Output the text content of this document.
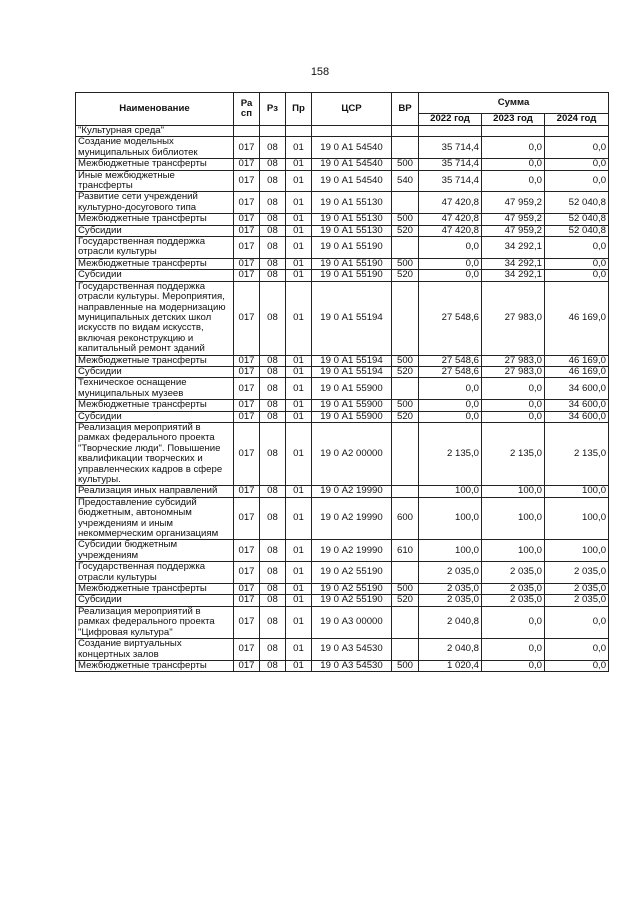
158
Наименование	Ра сп	Рз	Пр	ЦСР	ВР	Сумма		
						2022 год	2023 год	2024 год
"Культурная среда"								
Создание модельных муниципальных библиотек	017	08	01	19 0 А1 54540		35 714,4	0,0	0,0
Межбюджетные трансферты	017	08	01	19 0 А1 54540	500	35 714,4	0,0	0,0
Иные межбюджетные трансферты	017	08	01	19 0 А1 54540	540	35 714,4	0,0	0,0
Развитие сети учреждений культурно-досугового типа	017	08	01	19 0 А1 55130		47 420,8	47 959,2	52 040,8
Межбюджетные трансферты	017	08	01	19 0 А1 55130	500	47 420,8	47 959,2	52 040,8
Субсидии	017	08	01	19 0 А1 55130	520	47 420,8	47 959,2	52 040,8
Государственная поддержка отрасли культуры	017	08	01	19 0 А1 55190		0,0	34 292,1	0,0
Межбюджетные трансферты	017	08	01	19 0 А1 55190	500	0,0	34 292,1	0,0
Субсидии	017	08	01	19 0 А1 55190	520	0,0	34 292,1	0,0
Государственная поддержка отрасли культуры. Мероприятия, направленные на модернизацию муниципальных детских школ искусств по видам искусств, включая реконструкцию и капитальный ремонт зданий	017	08	01	19 0 А1 55194		27 548,6	27 983,0	46 169,0
Межбюджетные трансферты	017	08	01	19 0 А1 55194	500	27 548,6	27 983,0	46 169,0
Субсидии	017	08	01	19 0 А1 55194	520	27 548,6	27 983,0	46 169,0
Техническое оснащение муниципальных музеев	017	08	01	19 0 А1 55900		0,0	0,0	34 600,0
Межбюджетные трансферты	017	08	01	19 0 А1 55900	500	0,0	0,0	34 600,0
Субсидии	017	08	01	19 0 А1 55900	520	0,0	0,0	34 600,0
Реализация мероприятий в рамках федерального проекта "Творческие люди". Повышение квалификации творческих и управленческих кадров в сфере культуры.	017	08	01	19 0 А2 00000		2 135,0	2 135,0	2 135,0
Реализация иных направлений	017	08	01	19 0 А2 19990		100,0	100,0	100,0
Предоставление субсидий бюджетным, автономным учреждениям и иным некоммерческим организациям	017	08	01	19 0 А2 19990	600	100,0	100,0	100,0
Субсидии бюджетным учреждениям	017	08	01	19 0 А2 19990	610	100,0	100,0	100,0
Государственная поддержка отрасли культуры	017	08	01	19 0 А2 55190		2 035,0	2 035,0	2 035,0
Межбюджетные трансферты	017	08	01	19 0 А2 55190	500	2 035,0	2 035,0	2 035,0
Субсидии	017	08	01	19 0 А2 55190	520	2 035,0	2 035,0	2 035,0
Реализация мероприятий в рамках федерального проекта "Цифровая культура"	017	08	01	19 0 А3 00000		2 040,8	0,0	0,0
Создание виртуальных концертных залов	017	08	01	19 0 А3 54530		2 040,8	0,0	0,0
Межбюджетные трансферты	017	08	01	19 0 А3 54530	500	1 020,4	0,0	0,0
